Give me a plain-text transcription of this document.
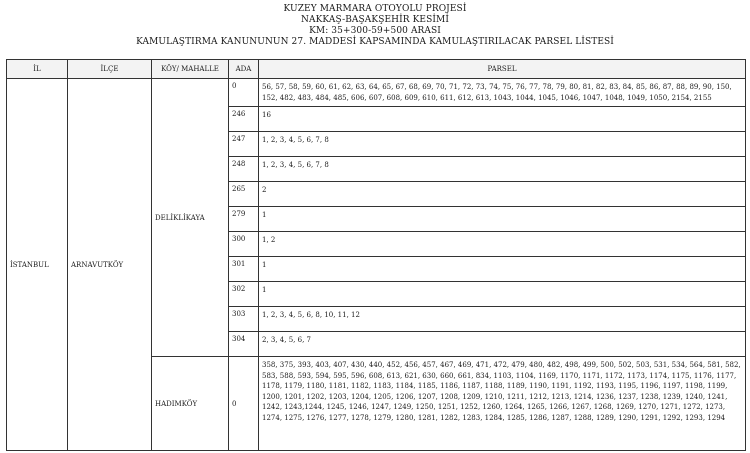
KUZEY MARMARA OTOYOLU PROJESİ
NAKKAŞ-BAŞAKŞEHİR KESİMİ
KM: 35+300-59+500 ARASI
KAMULAŞTIRMA KANUNUNUN 27. MADDESİ KAPSAMINDA KAMULAŞTIRILACAK PARSEL LİSTESİ
İL	İLÇE	KÖY/ MAHALLE	ADA	PARSEL
İSTANBUL	ARNAVUTKÖY	DELİKLİKAYA	0	56, 57, 58, 59, 60, 61, 62, 63, 64, 65, 67, 68, 69, 70, 71, 72, 73, 74, 75, 76, 77, 78, 79, 80, 81, 82, 83, 84, 85, 86, 87, 88, 89, 90, 150, 152, 482, 483, 484, 485, 606, 607, 608, 609, 610, 611, 612, 613, 1043, 1044, 1045, 1046, 1047, 1048, 1049, 1050, 2154, 2155
			246	16
			247	1, 2, 3, 4, 5, 6, 7, 8
			248	1, 2, 3, 4, 5, 6, 7, 8
			265	2
			279	1
			300	1, 2
			301	1
			302	1
			303	1, 2, 3, 4, 5, 6, 8, 10, 11, 12
			304	2, 3, 4, 5, 6, 7
		HADIMKÖY	0	358, 375, 393, 403, 407, 430, 440, 452, 456, 457, 467, 469, 471, 472, 479, 480, 482, 498, 499, 500, 502, 503, 531, 534, 564, 581, 582, 583, 588, 593, 594, 595, 596, 608, 613, 621, 630, 660, 661, 834, 1103, 1104, 1169, 1170, 1171, 1172, 1173, 1174, 1175, 1176, 1177, 1178, 1179, 1180, 1181, 1182, 1183, 1184, 1185, 1186, 1187, 1188, 1189, 1190, 1191, 1192, 1193, 1195, 1196, 1197, 1198, 1199, 1200, 1201, 1202, 1203, 1204, 1205, 1206, 1207, 1208, 1209, 1210, 1211, 1212, 1213, 1214, 1236, 1237, 1238, 1239, 1240, 1241, 1242, 1243,1244, 1245, 1246, 1247, 1249, 1250, 1251, 1252, 1260, 1264, 1265, 1266, 1267, 1268, 1269, 1270, 1271, 1272, 1273, 1274, 1275, 1276, 1277, 1278, 1279, 1280, 1281, 1282, 1283, 1284, 1285, 1286, 1287, 1288, 1289, 1290, 1291, 1292, 1293, 1294
